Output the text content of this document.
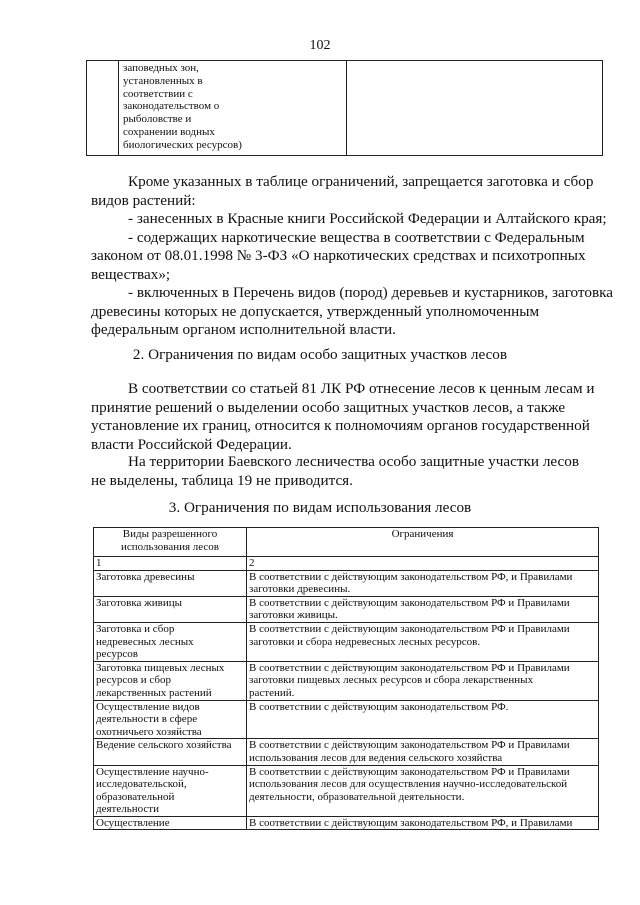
102
заповедных зон,
установленных в
соответствии с
законодательством о
рыболовстве и
сохранении водных
биологических ресурсов)
Кроме указанных в таблице ограничений, запрещается заготовка и сбор
видов растений:
- занесенных в Красные книги Российской Федерации и Алтайского края;
- содержащих наркотические вещества в соответствии с Федеральным
законом от 08.01.1998 № 3-ФЗ «О наркотических средствах и психотропных
веществах»;
- включенных в Перечень видов (пород) деревьев и кустарников, заготовка
древесины которых не допускается, утвержденный уполномоченным
федеральным органом исполнительной власти.
2. Ограничения по видам особо защитных участков лесов
В соответствии со статьей 81 ЛК РФ отнесение лесов к ценным лесам и
принятие решений о выделении особо защитных участков лесов, а также
установление их границ, относится к полномочиям органов государственной
власти Российской Федерации.
На территории Баевского лесничества особо защитные участки лесов
не выделены, таблица 19 не приводится.
3. Ограничения по видам использования лесов
Виды разрешенного
использования лесов	Ограничения
1	2

Заготовка древесины	В соответствии с действующим законодательством РФ, и Правилами
заготовки древесины.

Заготовка живицы	В соответствии с действующим законодательством РФ и Правилами
заготовки живицы.

Заготовка и сбор
недревесных лесных
ресурсов	В соответствии с действующим законодательством РФ и Правилами
заготовки и сбора недревесных лесных ресурсов.

Заготовка пищевых лесных
ресурсов и сбор
лекарственных растений	В соответствии с действующим законодательством РФ и Правилами
заготовки пищевых лесных ресурсов и сбора лекарственных
растений.

Осуществление видов
деятельности в сфере
охотничьего хозяйства	В соответствии с действующим законодательством РФ.

Ведение сельского хозяйства	В соответствии с действующим законодательством РФ и Правилами
использования лесов для ведения сельского хозяйства

Осуществление научно-
исследовательской,
образовательной
деятельности	В соответствии с действующим законодательством РФ и Правилами
использования лесов для осуществления научно-исследовательской
деятельности, образовательной деятельности.

Осуществление	В соответствии с действующим законодательством РФ, и Правилами
